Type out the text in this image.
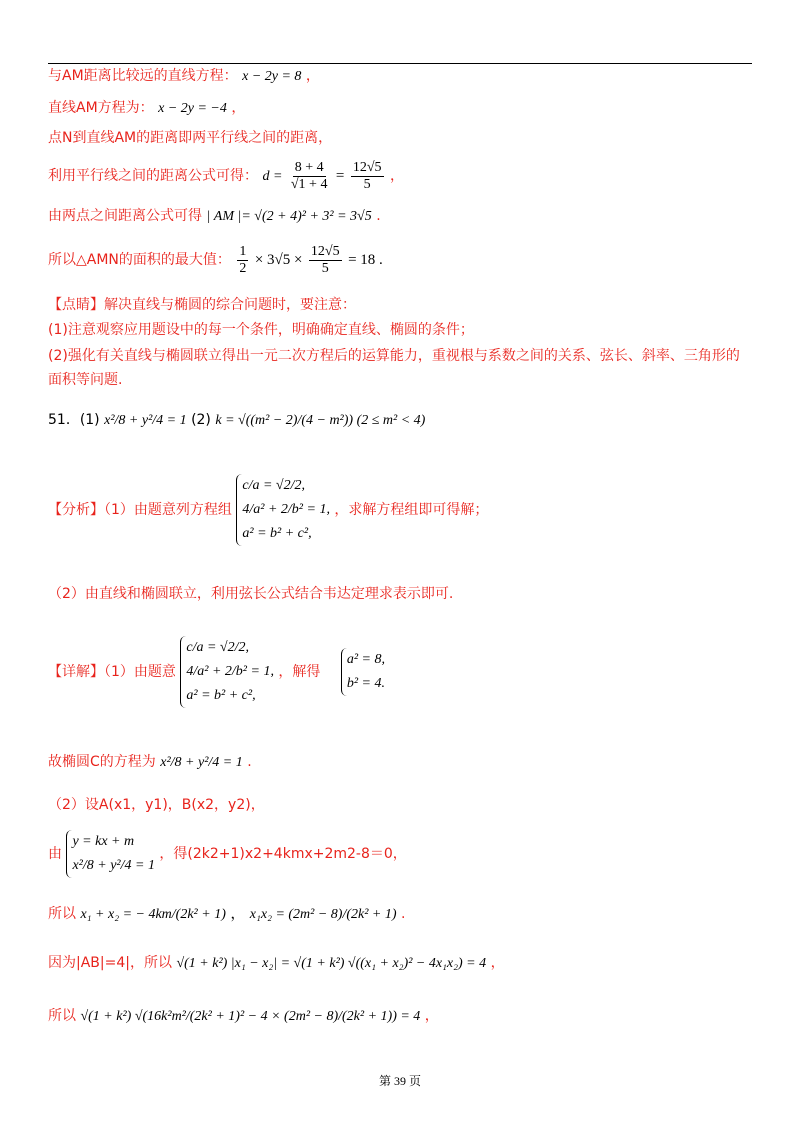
与AM距离比较远的直线方程： x − 2y = 8 ，
直线AM方程为： x − 2y = −4 ，
点N到直线AM的距离即两平行线之间的距离，
利用平行线之间的距离公式可得： $d = \frac{8 + 4}{√1 + 4} = \frac{12√5}{5}$ ，
由两点之间距离公式可得 | AM |= √(2 + 4)² + 3² = 3√5 .
所以△AMN的面积的最大值： $\frac{1}{2} \times 3√5 \times \frac{12√5}{5} = 18$ .
【点睛】解决直线与椭圆的综合问题时，要注意：
(1)注意观察应用题设中的每一个条件，明确确定直线、椭圆的条件；
(2)强化有关直线与椭圆联立得出一元二次方程后的运算能力，重视根与系数之间的关系、弦长、斜率、三角形的
面积等问题.
51．(1) x²/8 + y²/4 = 1 (2) k = √((m² − 2)/(4 − m²)) (2 ≤ m² < 4)
【分析】（1）由题意列方程组
c/a = √2/2,
4/a² + 2/b² = 1,
a² = b² + c²,
，求解方程组即可得解；
（2）由直线和椭圆联立，利用弦长公式结合韦达定理求表示即可.
【详解】（1）由题意
c/a = √2/2,
4/a² + 2/b² = 1,
a² = b² + c²,
，解得
a² = 8,
b² = 4.
故椭圆C的方程为 x²/8 + y²/4 = 1 .
（2）设A(x1，y1)，B(x2，y2)，
由
y = kx + m
x²/8 + y²/4 = 1
，得(2k2+1)x2+4kmx+2m2-8＝0，
所以 x₁ + x₂ = − 4km/(2k² + 1) ， x₁x₂ = (2m² − 8)/(2k² + 1) .
因为|AB|=4|，所以 √(1 + k²) |x₁ − x₂| = √(1 + k²) √((x₁ + x₂)² − 4x₁x₂) = 4 ，
所以 √(1 + k²) √(16k²m²/(2k² + 1)² − 4 × (2m² − 8)/(2k² + 1)) = 4 ，
第 39 页
